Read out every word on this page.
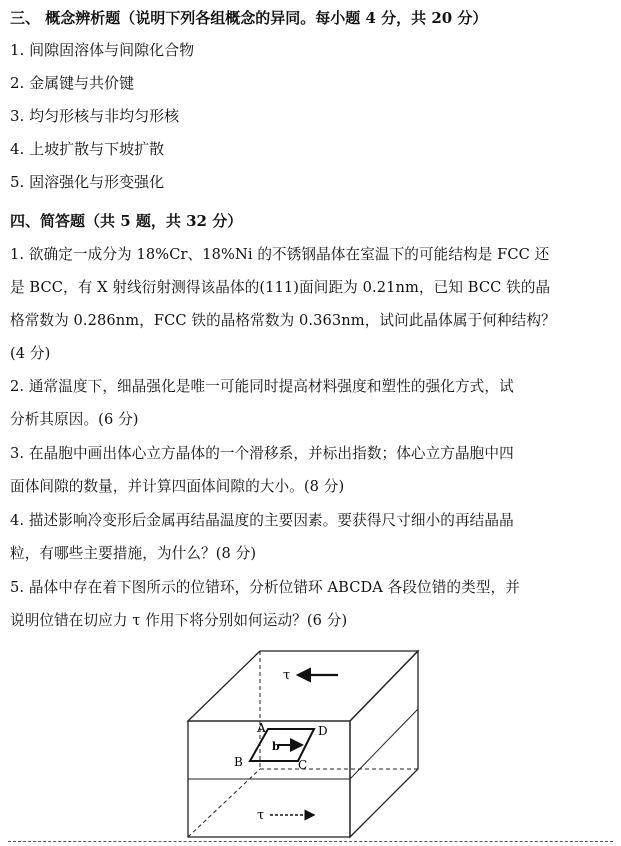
三、 概念辨析题（说明下列各组概念的异同。每小题 4 分，共 20 分）
1. 间隙固溶体与间隙化合物
2. 金属键与共价键
3. 均匀形核与非均匀形核
4. 上坡扩散与下坡扩散
5. 固溶强化与形变强化
四、简答题（共 5 题，共 32 分）
1. 欲确定一成分为 18%Cr、18%Ni 的不锈钢晶体在室温下的可能结构是 FCC 还
是 BCC，有 X 射线衍射测得该晶体的(111)面间距为 0.21nm，已知 BCC 铁的晶
格常数为 0.286nm，FCC 铁的晶格常数为 0.363nm，试问此晶体属于何种结构？
(4 分)
2. 通常温度下，细晶强化是唯一可能同时提高材料强度和塑性的强化方式，试
分析其原因。(6 分)
3. 在晶胞中画出体心立方晶体的一个滑移系，并标出指数；体心立方晶胞中四
面体间隙的数量，并计算四面体间隙的大小。(8 分)
4. 描述影响冷变形后金属再结晶温度的主要因素。要获得尺寸细小的再结晶晶
粒，有哪些主要措施，为什么？(8 分)
5. 晶体中存在着下图所示的位错环，分析位错环 ABCDA 各段位错的类型，并
说明位错在切应力 τ 作用下将分别如何运动？(6 分)
b
A
B	C
D
τ
τ
